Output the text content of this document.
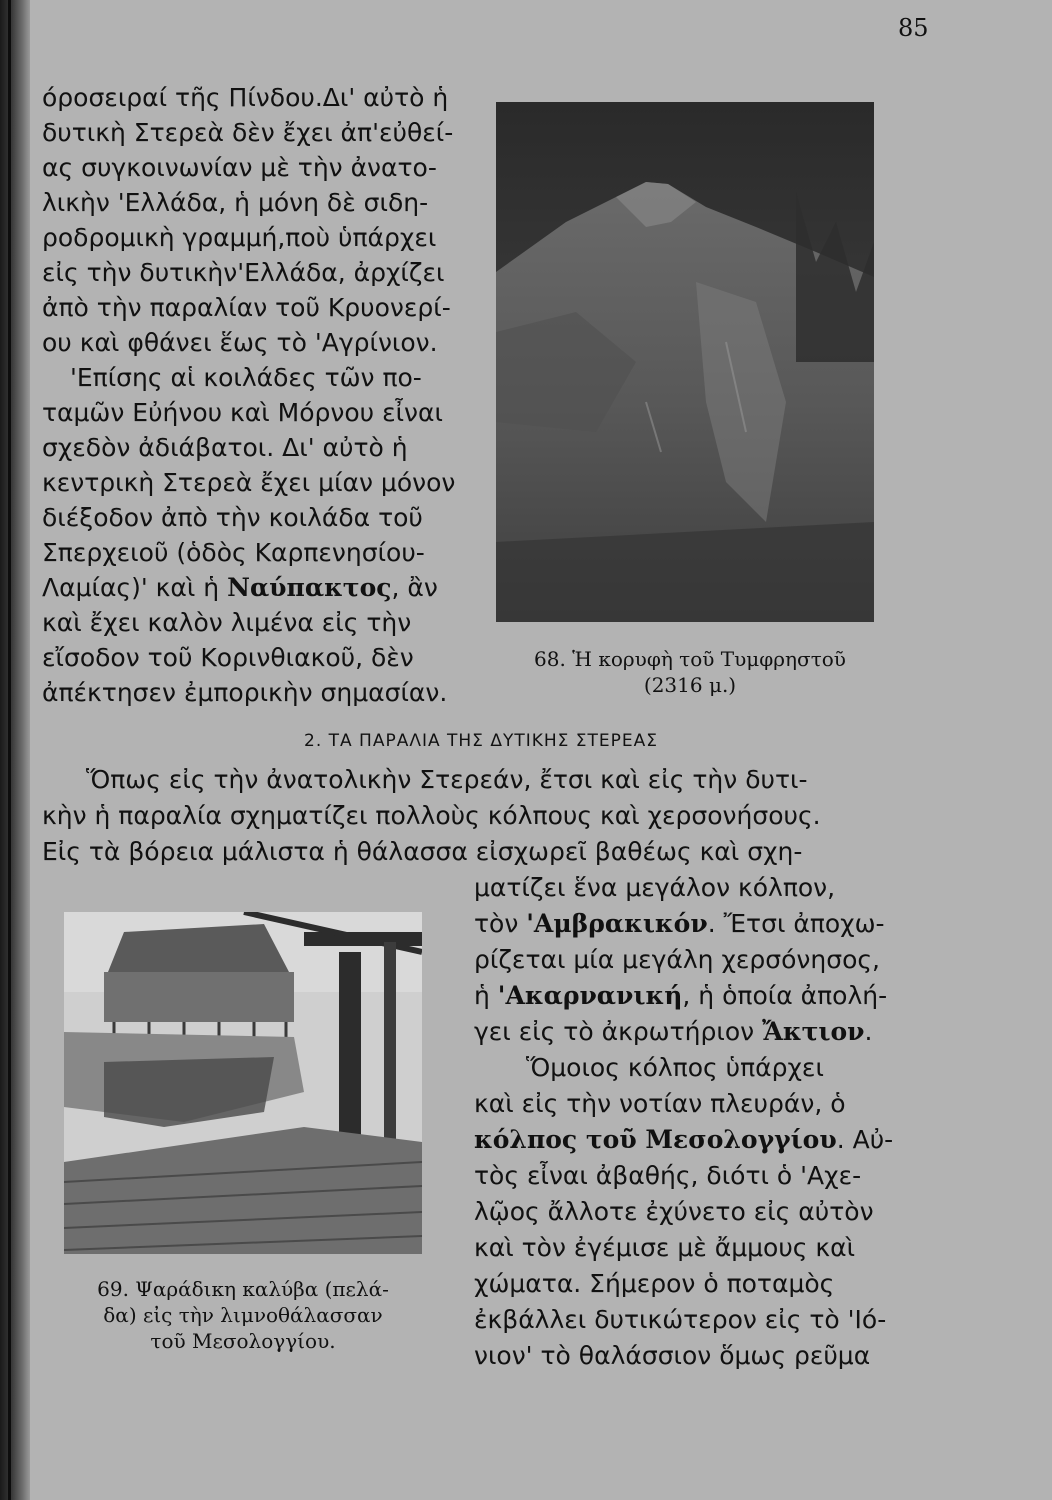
85

όροσειραί τῆς Πίνδου.Δι' αὐτὸ ἡ

δυτικὴ Στερεὰ δὲν ἔχει ἀπ'εὐθεί-

ας συγκοινωνίαν μὲ τὴν ἀνατο-

λικὴν 'Ελλάδα, ἡ μόνη δὲ σιδη-

ροδρομικὴ γραμμή,ποὺ ὑπάρχει

εἰς τὴν δυτικὴν'Ελλάδα, ἀρχίζει

ἀπὸ τὴν παραλίαν τοῦ Κρυονερί-

ου καὶ φθάνει ἕως τὸ 'Αγρίνιον.

'Επίσης αἱ κοιλάδες τῶν πο-

ταμῶν Εὐήνου καὶ Μόρνου εἶναι

σχεδὸν ἀδιάβατοι. Δι' αὐτὸ ἡ

κεντρικὴ Στερεὰ ἔχει μίαν μόνον

διέξοδον ἀπὸ τὴν κοιλάδα τοῦ

Σπερχειοῦ (ὁδὸς Καρπενησίου-

Λαμίας)' καὶ ἡ Ναύπακτος, ἂν

καὶ ἔχει καλὸν λιμένα εἰς τὴν

εἴσοδον τοῦ Κορινθιακοῦ, δὲν

ἀπέκτησεν ἐμπορικὴν σημασίαν.

68. Ἡ κορυφὴ τοῦ Τυμφρηστοῦ
(2316 μ.)
2. ΤΑ ΠΑΡΑΛΙΑ ΤΗΣ ΔΥΤΙΚΗΣ ΣΤΕΡΕΑΣ

Ὅπως εἰς τὴν ἀνατολικὴν Στερεάν, ἔτσι καὶ εἰς τὴν δυτι-

κὴν ἡ παραλία σχηματίζει πολλοὺς κόλπους καὶ χερσονήσους.

Εἰς τὰ βόρεια μάλιστα ἡ θάλασσα εἰσχωρεῖ βαθέως καὶ σχη-

ματίζει ἕνα μεγάλον κόλπον,

τὸν 'Αμβρακικόν. Ἔτσι ἀποχω-

ρίζεται μία μεγάλη χερσόνησος,

ἡ 'Ακαρνανική, ἡ ὁποία ἀπολή-

γει εἰς τὸ ἀκρωτήριον Ἄκτιον.

Ὅμοιος κόλπος ὑπάρχει

καὶ εἰς τὴν νοτίαν πλευράν, ὁ

κόλπος τοῦ Μεσολογγίου. Αὐ-

τὸς εἶναι ἀβαθής, διότι ὁ 'Αχε-

λῷος ἄλλοτε ἐχύνετο εἰς αὐτὸν

καὶ τὸν ἐγέμισε μὲ ἄμμους καὶ

χώματα. Σήμερον ὁ ποταμὸς

ἐκβάλλει δυτικώτερον εἰς τὸ 'Ιό-

νιον' τὸ θαλάσσιον ὅμως ρεῦμα

69. Ψαράδικη καλύβα (πελά-
δα) εἰς τὴν λιμνοθάλασσαν
τοῦ Μεσολογγίου.
